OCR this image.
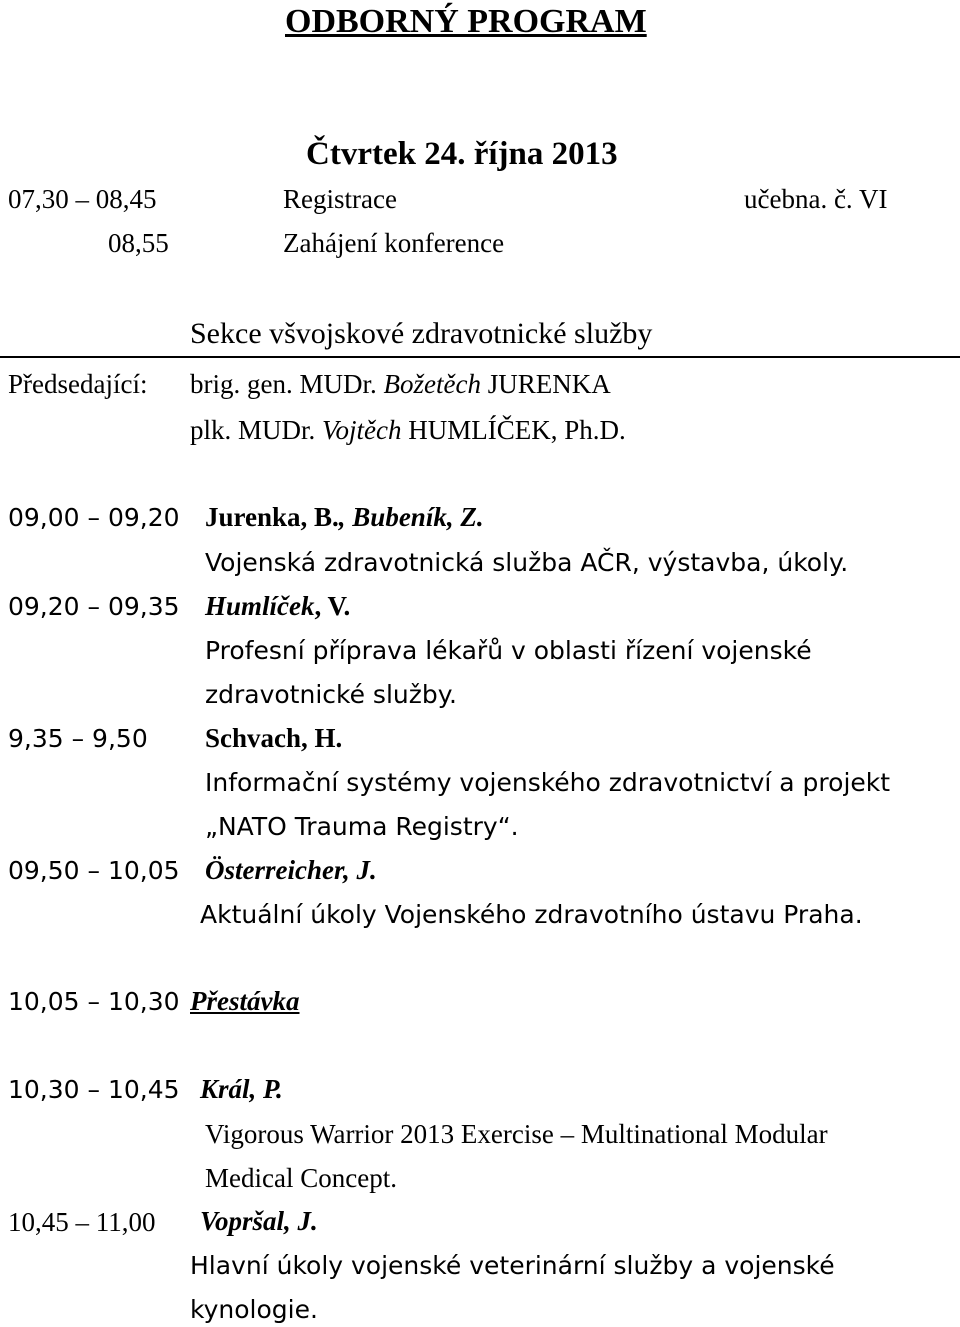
ODBORNÝ PROGRAM
Čtvrtek 24. října 2013
07,30 – 08,45	Registrace	učebna. č. VI
08,55	Zahájení konference
Sekce všvojskové zdravotnické služby
Předsedající: brig. gen. MUDr. Božetěch JURENKA
plk. MUDr. Vojtěch HUMLÍČEK, Ph.D.
09,00 – 09,20 Jurenka, B., Bubeník, Z.
Vojenská zdravotnická služba AČR, výstavba, úkoly.
09,20 – 09,35 Humlíček, V.
Profesní příprava lékařů v oblasti řízení vojenské
zdravotnické služby.
9,35 – 9,50 Schvach, H.
Informační systémy vojenského zdravotnictví a projekt
„NATO Trauma Registry“.
09,50 – 10,05 Österreicher, J.
Aktuální úkoly Vojenského zdravotního ústavu Praha.
10,05 – 10,30 Přestávka
10,30 – 10,45 Král, P.
Vigorous Warrior 2013 Exercise – Multinational Modular
Medical Concept.
10,45 – 11,00 Vopršal, J.
Hlavní úkoly vojenské veterinární služby a vojenské
kynologie.
